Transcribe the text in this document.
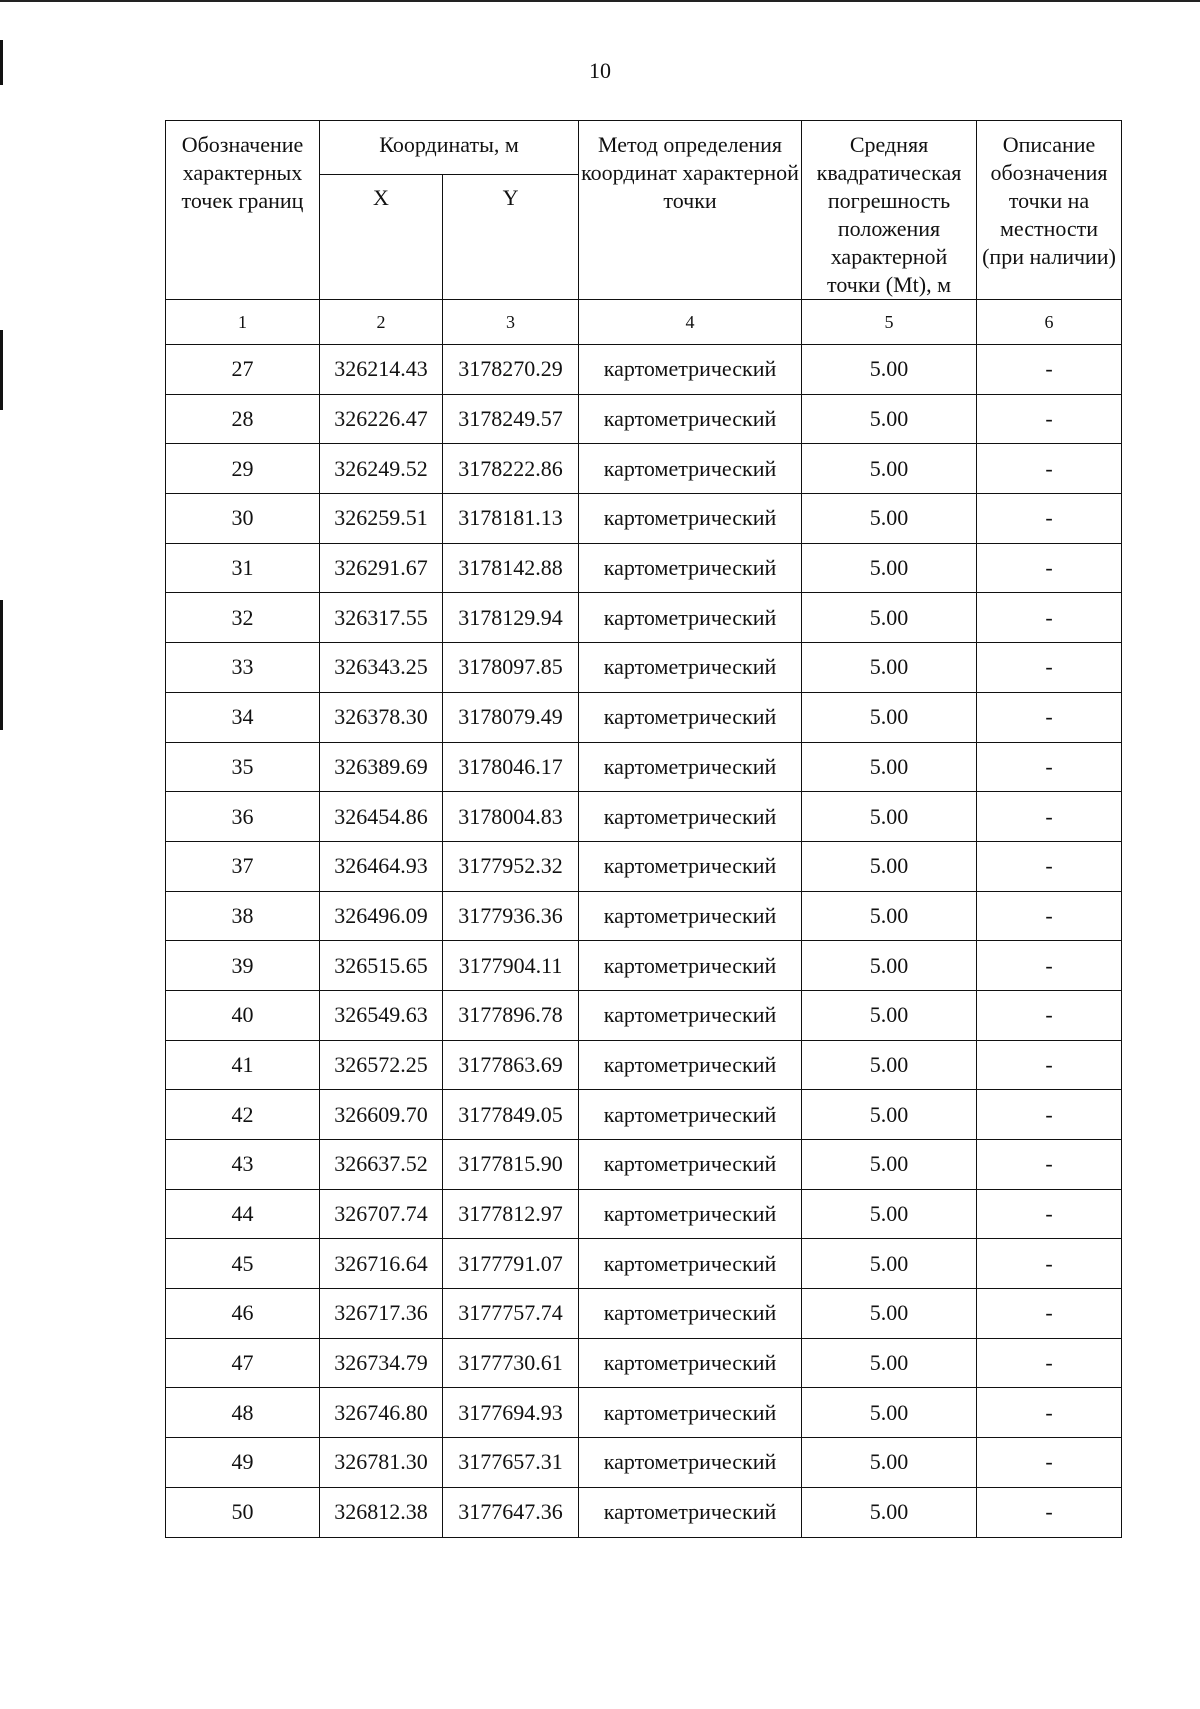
10
Обозначение характерных точек границ	Координаты, м		Метод определения координат характерной точки	Средняя квадратическая погрешность положения характерной точки (Mt), м	Описание обозначения точки на местности (при наличии)
	X	Y			
1	2	3	4	5	6
27	326214.43	3178270.29	картометрический	5.00	-
28	326226.47	3178249.57	картометрический	5.00	-
29	326249.52	3178222.86	картометрический	5.00	-
30	326259.51	3178181.13	картометрический	5.00	-
31	326291.67	3178142.88	картометрический	5.00	-
32	326317.55	3178129.94	картометрический	5.00	-
33	326343.25	3178097.85	картометрический	5.00	-
34	326378.30	3178079.49	картометрический	5.00	-
35	326389.69	3178046.17	картометрический	5.00	-
36	326454.86	3178004.83	картометрический	5.00	-
37	326464.93	3177952.32	картометрический	5.00	-
38	326496.09	3177936.36	картометрический	5.00	-
39	326515.65	3177904.11	картометрический	5.00	-
40	326549.63	3177896.78	картометрический	5.00	-
41	326572.25	3177863.69	картометрический	5.00	-
42	326609.70	3177849.05	картометрический	5.00	-
43	326637.52	3177815.90	картометрический	5.00	-
44	326707.74	3177812.97	картометрический	5.00	-
45	326716.64	3177791.07	картометрический	5.00	-
46	326717.36	3177757.74	картометрический	5.00	-
47	326734.79	3177730.61	картометрический	5.00	-
48	326746.80	3177694.93	картометрический	5.00	-
49	326781.30	3177657.31	картометрический	5.00	-
50	326812.38	3177647.36	картометрический	5.00	-
